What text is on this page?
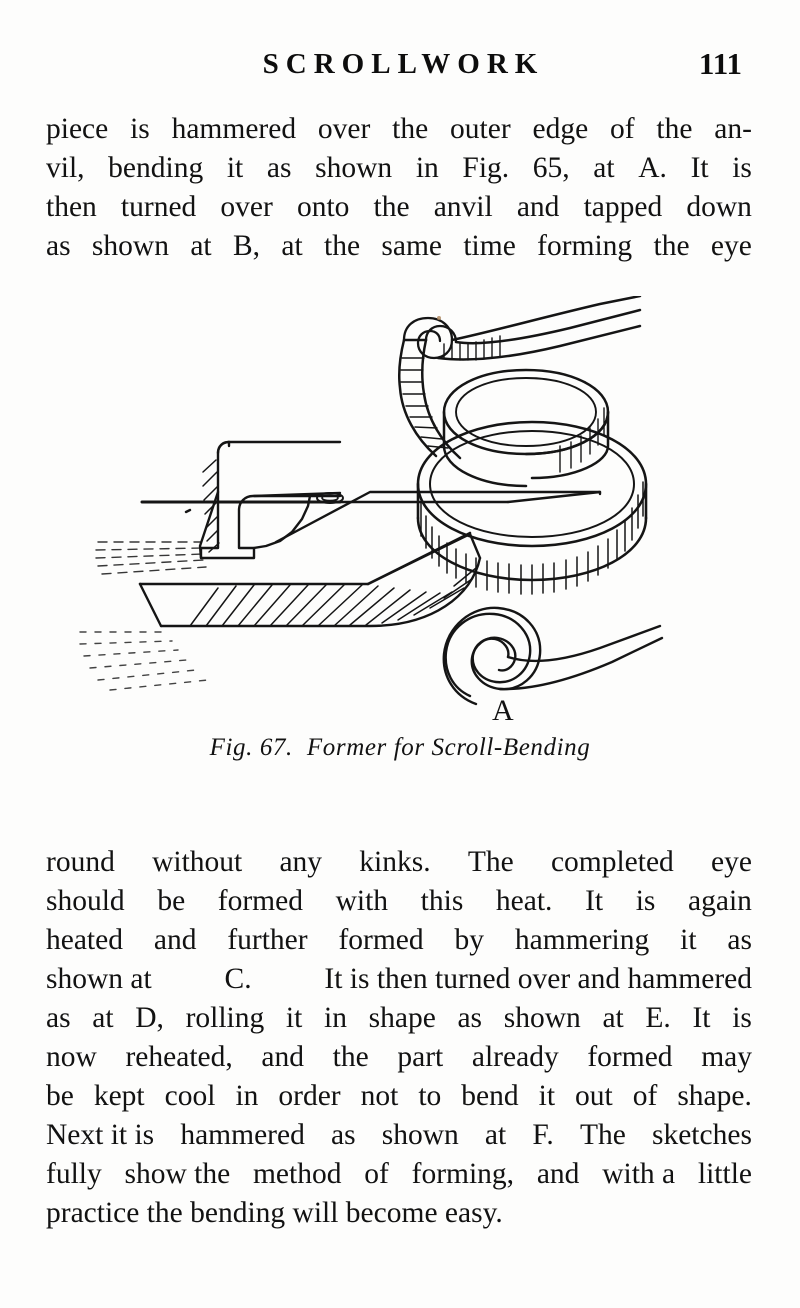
SCROLLWORK	111

piece is hammered over the outer edge of the an-
vil, bending it as shown in Fig. 65, at A. It is
then turned over onto the anvil and tapped down
as shown at B, at the same time forming the eye

A
Fig. 67. Former for Scroll-Bending

round without any kinks. The completed eye
should be formed with this heat. It is again
heated and further formed by hammering it as
shown at C. It is then turned over and hammered
as at D, rolling it in shape as shown at E. It is
now reheated, and the part already formed may
be kept cool in order not to bend it out of shape.
Next it is hammered as shown at F. The sketches
fully show the method of forming, and with a little
practice the bending will become easy.
